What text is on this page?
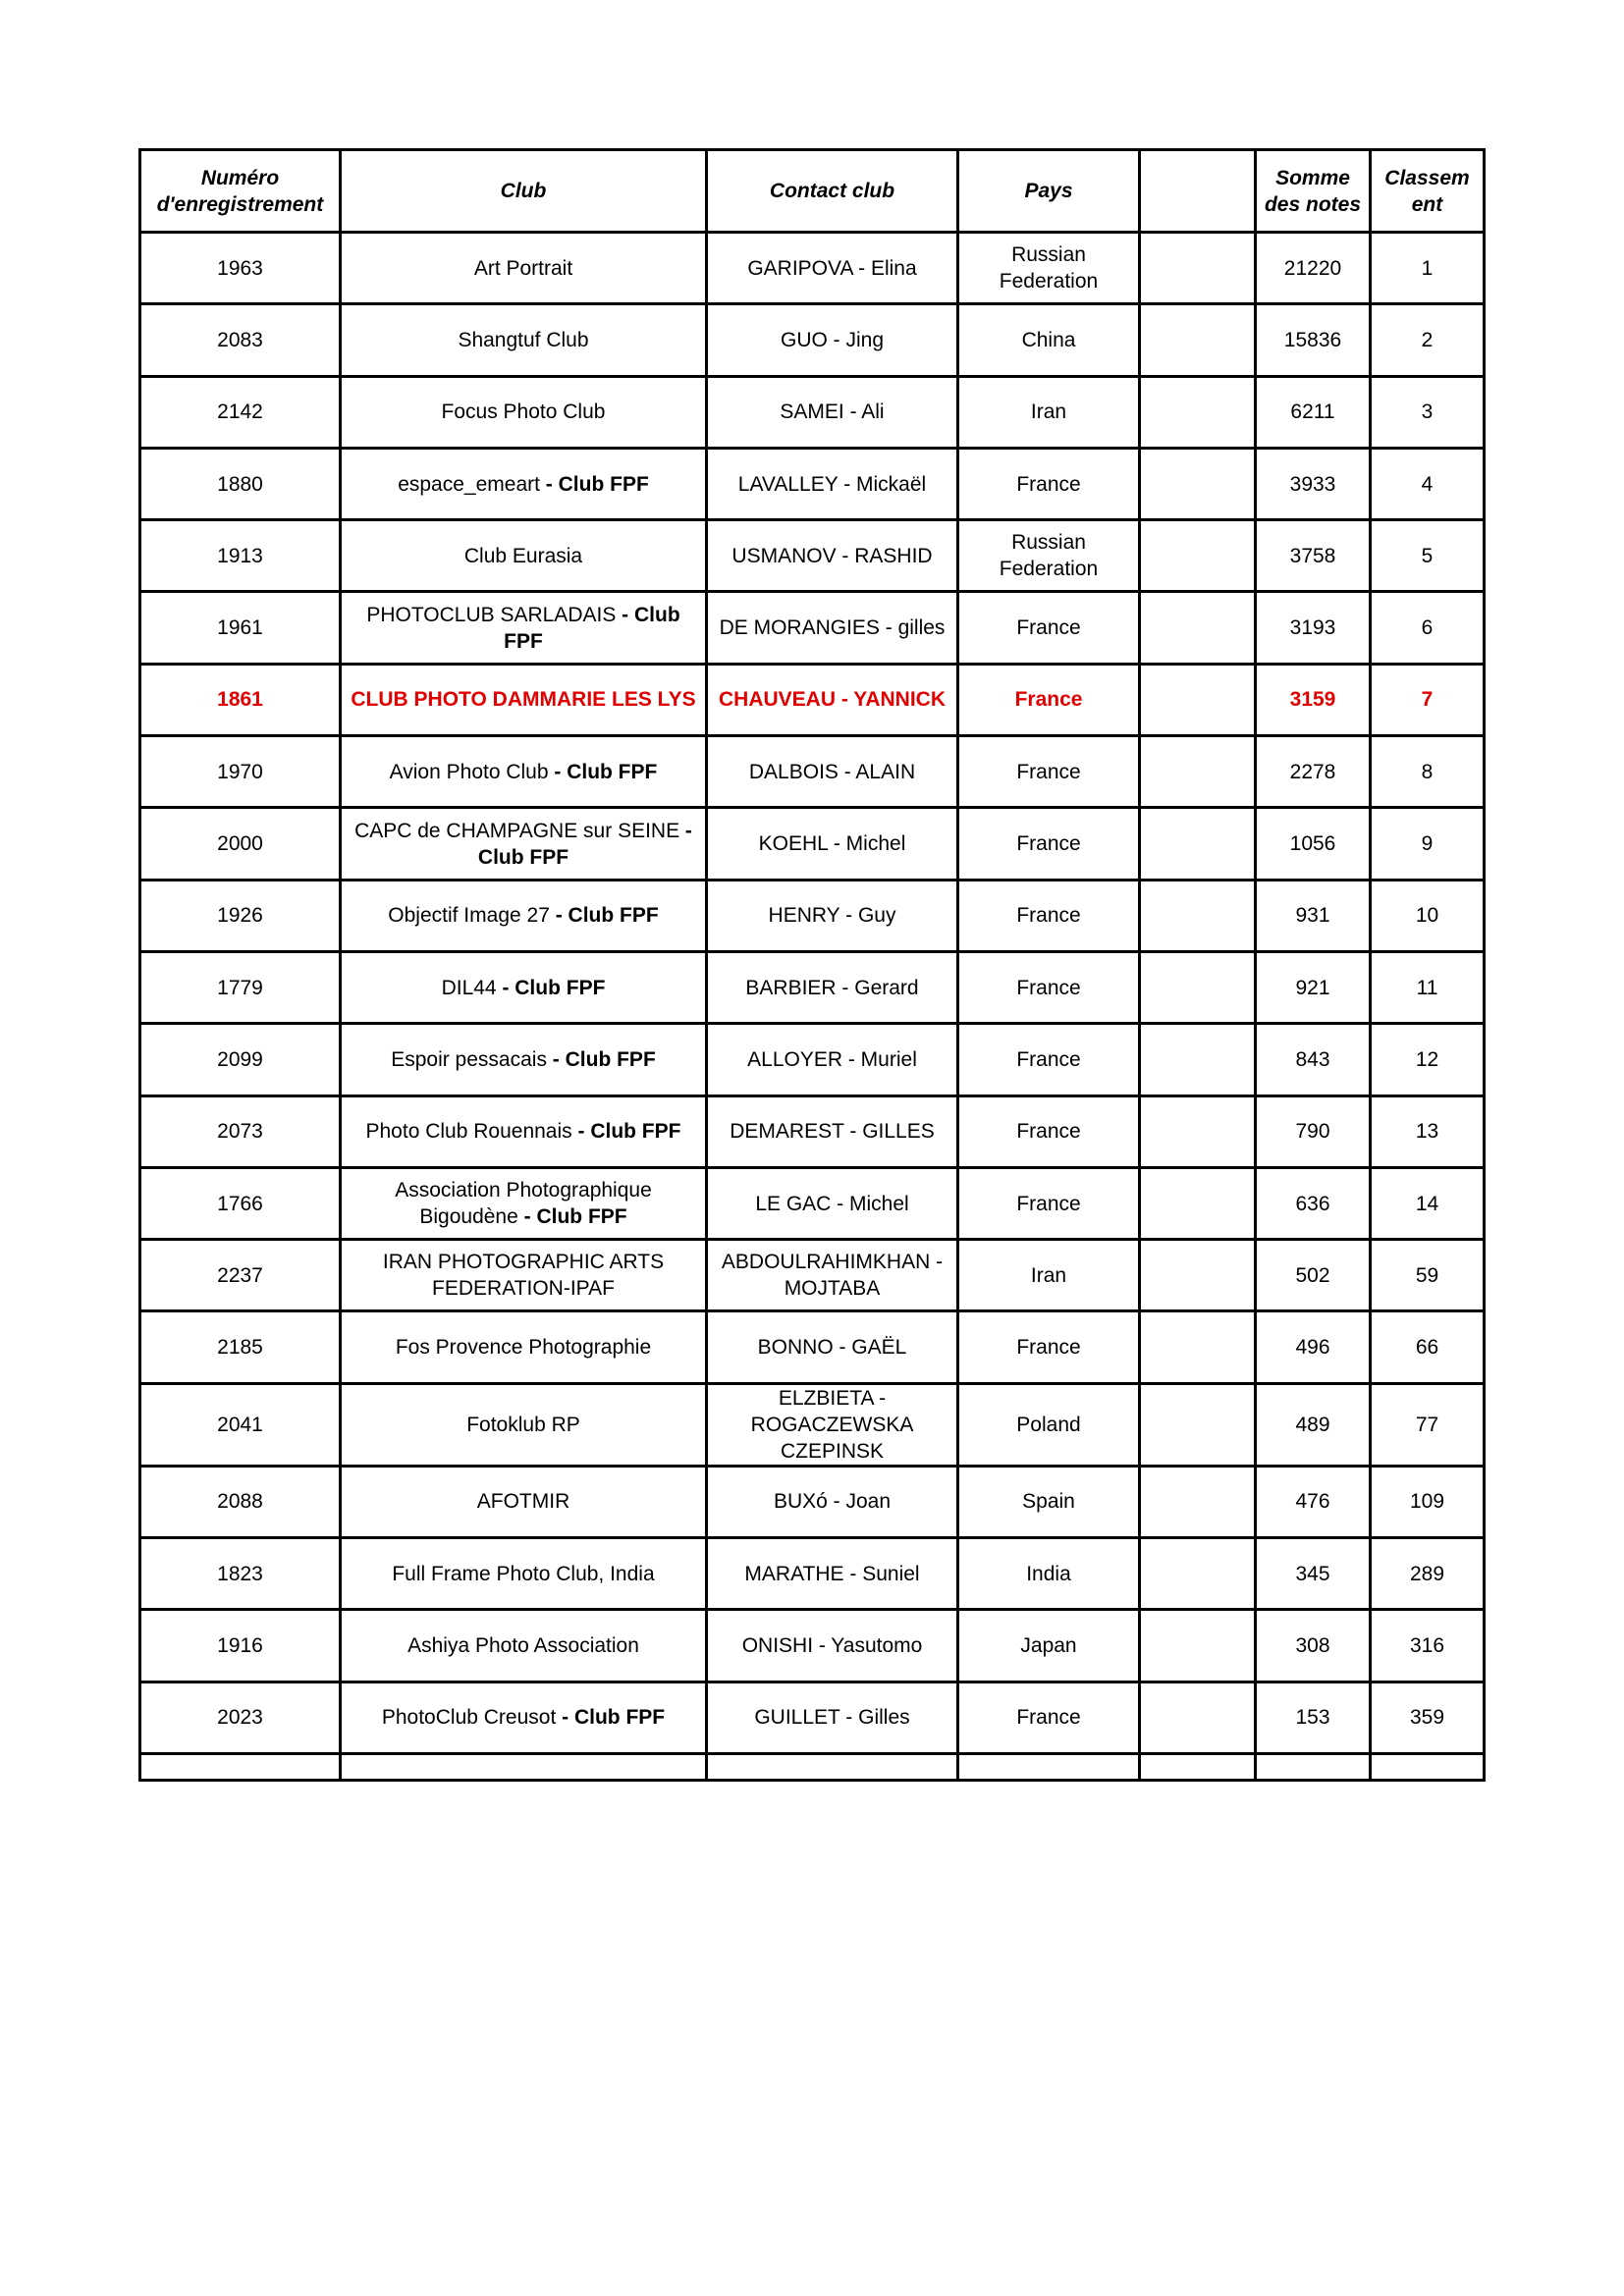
Numéro d'enregistrement	Club	Contact club	Pays		Somme des notes	Classem ent
1963	Art Portrait	GARIPOVA - Elina	Russian Federation		21220	1
2083	Shangtuf Club	GUO - Jing	China		15836	2
2142	Focus Photo Club	SAMEI - Ali	Iran		6211	3
1880	espace_emeart - Club FPF	LAVALLEY - Mickaël	France		3933	4
1913	Club Eurasia	USMANOV - RASHID	Russian Federation		3758	5
1961	PHOTOCLUB SARLADAIS - Club FPF	DE MORANGIES - gilles	France		3193	6
1861	CLUB PHOTO DAMMARIE LES LYS	CHAUVEAU - YANNICK	France		3159	7
1970	Avion Photo Club - Club FPF	DALBOIS - ALAIN	France		2278	8
2000	CAPC de CHAMPAGNE sur SEINE - Club FPF	KOEHL - Michel	France		1056	9
1926	Objectif Image 27 - Club FPF	HENRY - Guy	France		931	10
1779	DIL44 - Club FPF	BARBIER - Gerard	France		921	11
2099	Espoir pessacais - Club FPF	ALLOYER - Muriel	France		843	12
2073	Photo Club Rouennais - Club FPF	DEMAREST - GILLES	France		790	13
1766	Association Photographique Bigoudène - Club FPF	LE GAC - Michel	France		636	14
2237	IRAN PHOTOGRAPHIC ARTS FEDERATION-IPAF	ABDOULRAHIMKHAN - MOJTABA	Iran		502	59
2185	Fos Provence Photographie	BONNO - GAËL	France		496	66
2041	Fotoklub RP	ELZBIETA - ROGACZEWSKA CZEPINSK	Poland		489	77
2088	AFOTMIR	BUXó - Joan	Spain		476	109
1823	Full Frame Photo Club, India	MARATHE - Suniel	India		345	289
1916	Ashiya Photo Association	ONISHI - Yasutomo	Japan		308	316
2023	PhotoClub Creusot - Club FPF	GUILLET - Gilles	France		153	359
